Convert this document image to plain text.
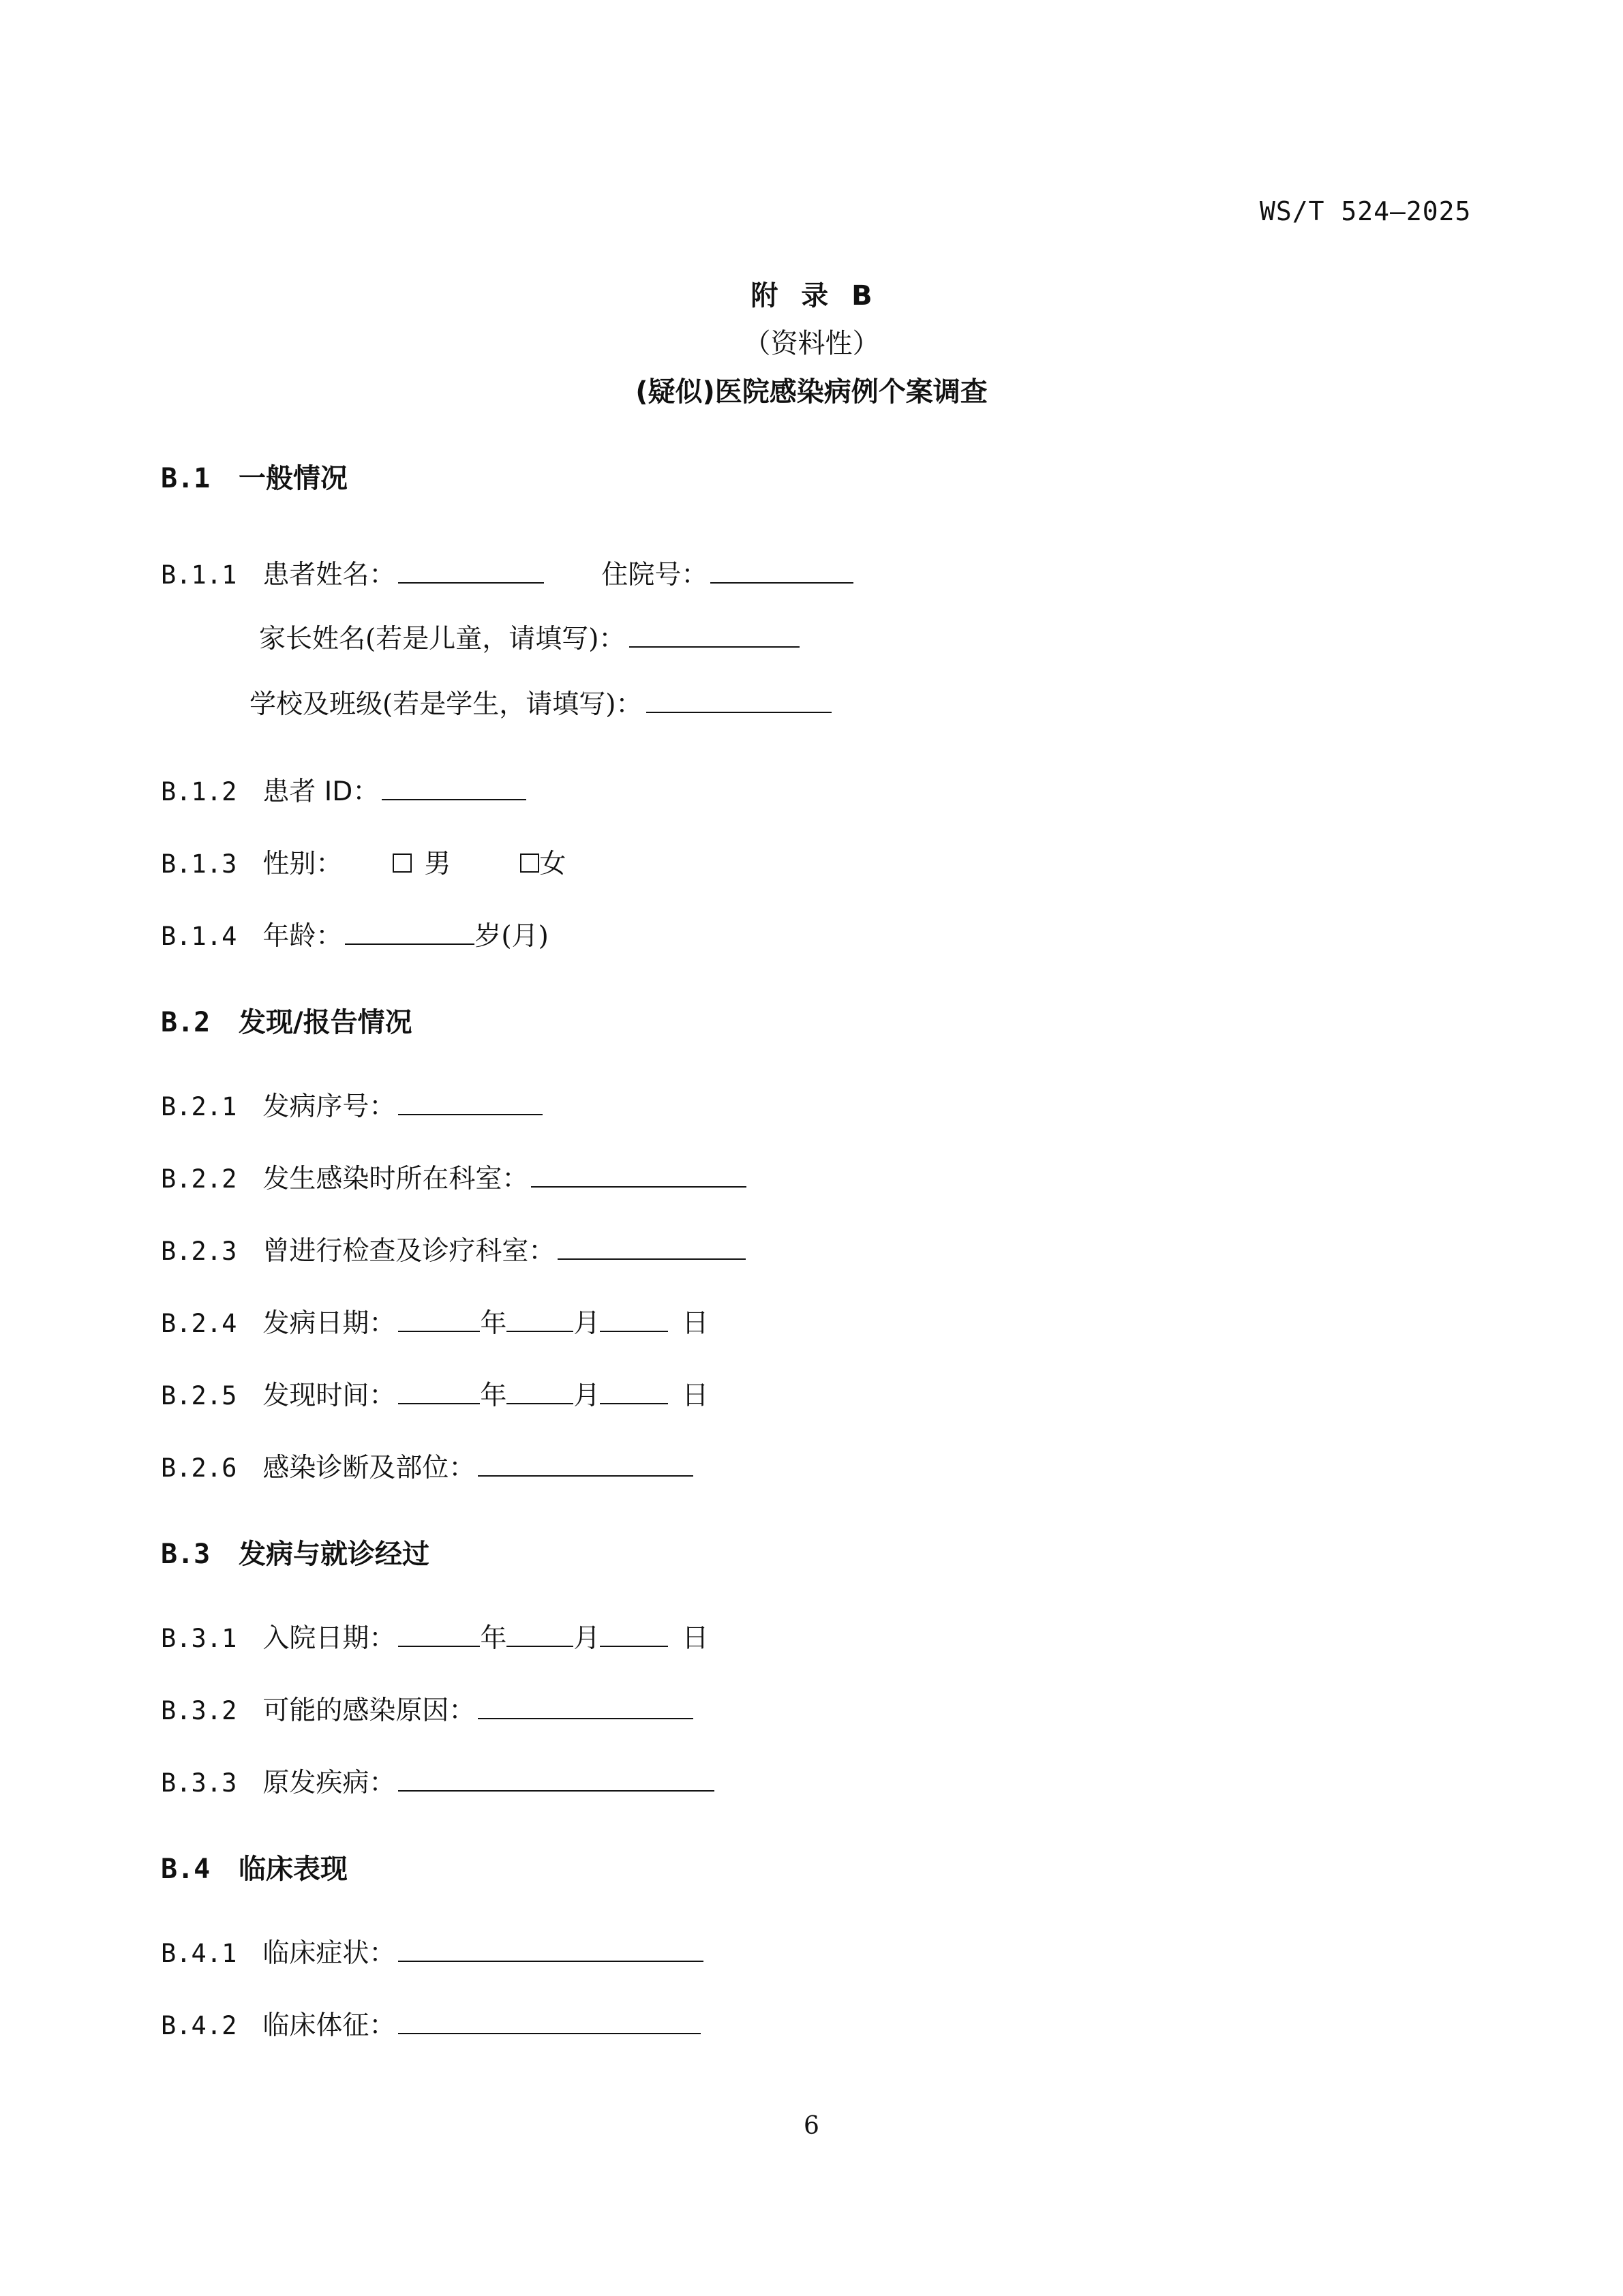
WS/T 524—2025
附 录 B
（资料性）
(疑似)医院感染病例个案调查
B.1 一般情况
B.1.1 患者姓名：	住院号：
家长姓名(若是儿童，请填写)：
学校及班级(若是学生，请填写)：
B.1.2 患者 ID：
B.1.3 性别：	男	女
B.1.4 年龄：	岁(月)
B.2 发现/报告情况
B.2.1 发病序号：
B.2.2 发生感染时所在科室：
B.2.3 曾进行检查及诊疗科室：
B.2.4 发病日期：	年	月	日
B.2.5 发现时间：	年	月	日
B.2.6 感染诊断及部位：
B.3 发病与就诊经过
B.3.1 入院日期：	年	月	日
B.3.2 可能的感染原因：
B.3.3 原发疾病：
B.4 临床表现
B.4.1 临床症状：
B.4.2 临床体征：
6
